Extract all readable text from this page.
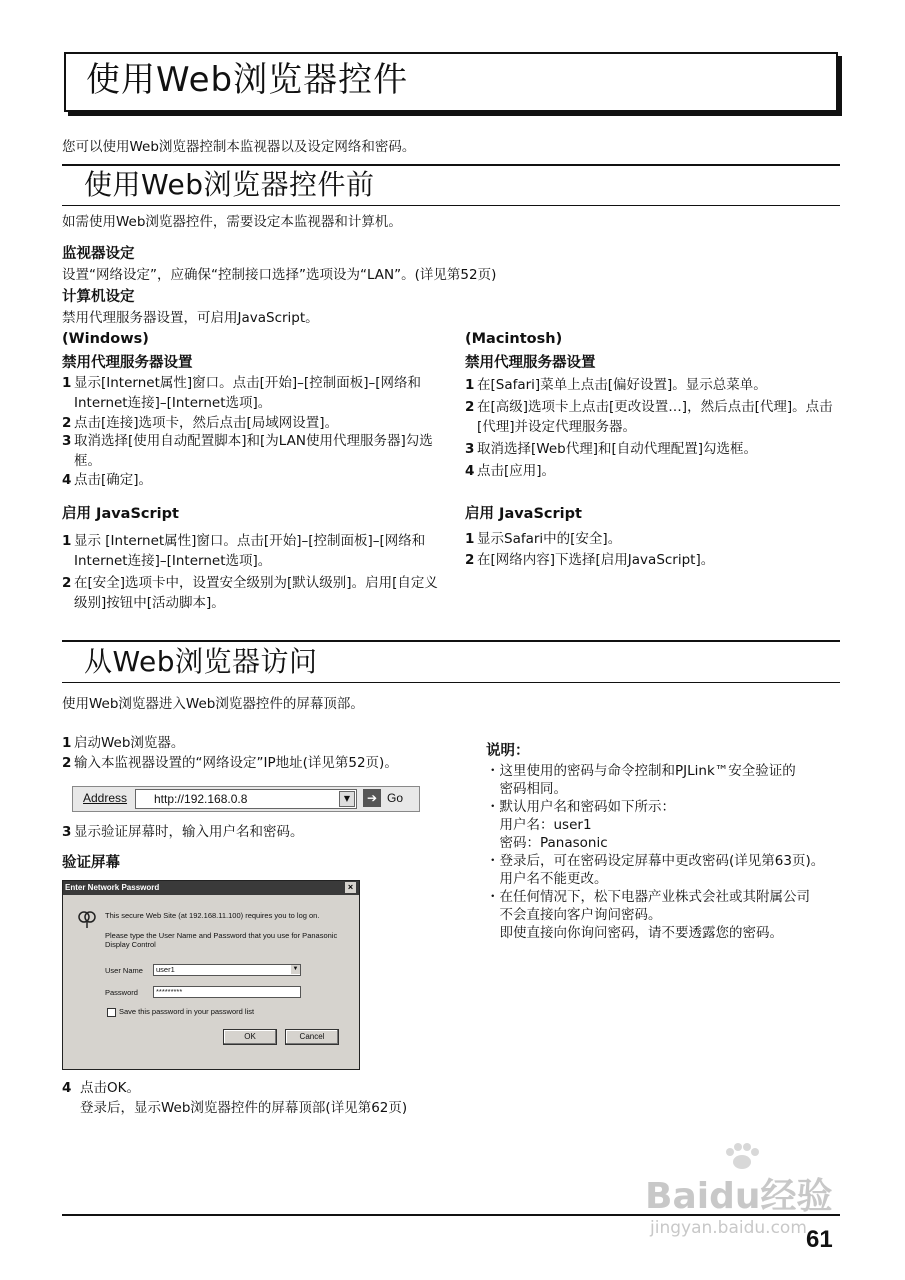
使用Web浏览器控件
您可以使用Web浏览器控制本监视器以及设定网络和密码。
使用Web浏览器控件前
如需使用Web浏览器控件，需要设定本监视器和计算机。
监视器设定
设置“网络设定”，应确保“控制接口选择”选项设为“LAN”。(详见第52页)
计算机设定
禁用代理服务器设置，可启用JavaScript。
(Windows)
禁用代理服务器设置
1 显示[Internet属性]窗口。点击[开始]–[控制面板]–[网络和Internet连接]–[Internet选项]。
2 点击[连接]选项卡，然后点击[局域网设置]。
3 取消选择[使用自动配置脚本]和[为LAN使用代理服务器]勾选框。
4 点击[确定]。
启用 JavaScript
1 显示 [Internet属性]窗口。点击[开始]–[控制面板]–[网络和Internet连接]–[Internet选项]。
2 在[安全]选项卡中，设置安全级别为[默认级别]。启用[自定义级别]按钮中[活动脚本]。
(Macintosh)
禁用代理服务器设置
1 在[Safari]菜单上点击[偏好设置]。显示总菜单。
2 在[高级]选项卡上点击[更改设置…]，然后点击[代理]。点击[代理]并设定代理服务器。
3 取消选择[Web代理]和[自动代理配置]勾选框。
4 点击[应用]。
启用 JavaScript
1 显示Safari中的[安全]。
2 在[网络内容]下选择[启用JavaScript]。
从Web浏览器访问
使用Web浏览器进入Web浏览器控件的屏幕顶部。
1 启动Web浏览器。
2 输入本监视器设置的“网络设定”IP地址(详见第52页)。
Address http://192.168.0.8	▼	➔ Go
3 显示验证屏幕时，输入用户名和密码。
验证屏幕
Enter Network Password	×
This secure Web Site (at 192.168.11.100) requires you to log on.
Please type the User Name and Password that you use for Panasonic
Display Control
User Name	user1	▼
Password	*********
Save this password in your password list
OK	Cancel
4 点击OK。
登录后，显示Web浏览器控件的屏幕顶部(详见第62页)
说明：
・这里使用的密码与命令控制和PJLink™安全验证的
　密码相同。
・默认用户名和密码如下所示：
　用户名：user1
　密码：Panasonic
・登录后，可在密码设定屏幕中更改密码(详见第63页)。
　用户名不能更改。
・在任何情况下，松下电器产业株式会社或其附属公司
　不会直接向客户询问密码。
　即使直接向你询问密码，请不要透露您的密码。
Baidu经验
jingyan.baidu.com 61
